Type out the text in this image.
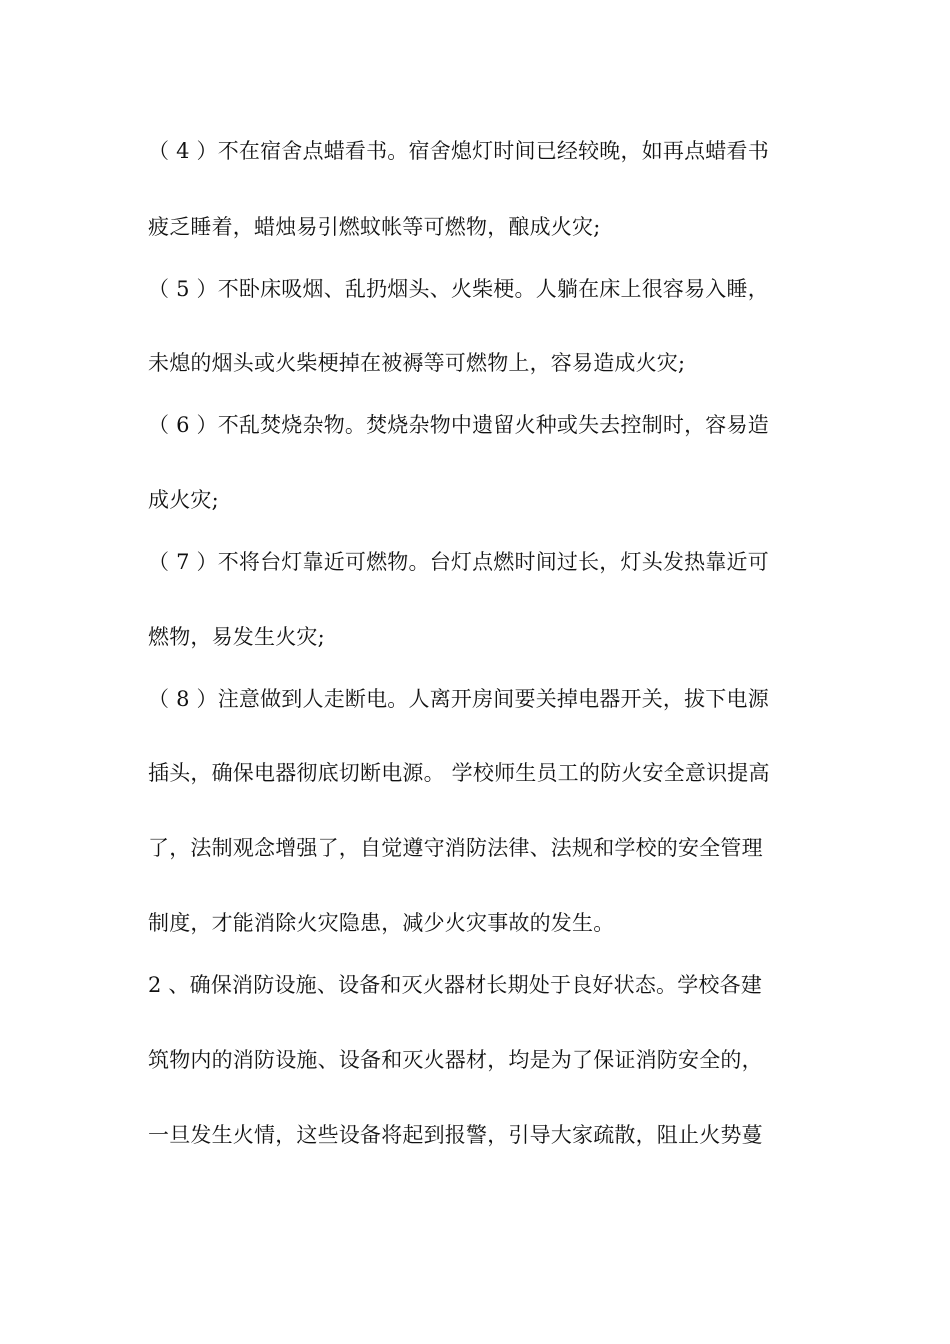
（ 4 ）不在宿舍点蜡看书。宿舍熄灯时间已经较晚，如再点蜡看书
疲乏睡着，蜡烛易引燃蚊帐等可燃物，酿成火灾;
（ 5 ）不卧床吸烟、乱扔烟头、火柴梗。人躺在床上很容易入睡，
未熄的烟头或火柴梗掉在被褥等可燃物上，容易造成火灾;
（ 6 ）不乱焚烧杂物。焚烧杂物中遗留火种或失去控制时，容易造
成火灾;
（ 7 ）不将台灯靠近可燃物。台灯点燃时间过长，灯头发热靠近可
燃物，易发生火灾;
（ 8 ）注意做到人走断电。人离开房间要关掉电器开关，拔下电源
插头，确保电器彻底切断电源。 学校师生员工的防火安全意识提高
了，法制观念增强了，自觉遵守消防法律、法规和学校的安全管理
制度，才能消除火灾隐患，减少火灾事故的发生。
2 、确保消防设施、设备和灭火器材长期处于良好状态。学校各建
筑物内的消防设施、设备和灭火器材，均是为了保证消防安全的，
一旦发生火情，这些设备将起到报警，引导大家疏散，阻止火势蔓
